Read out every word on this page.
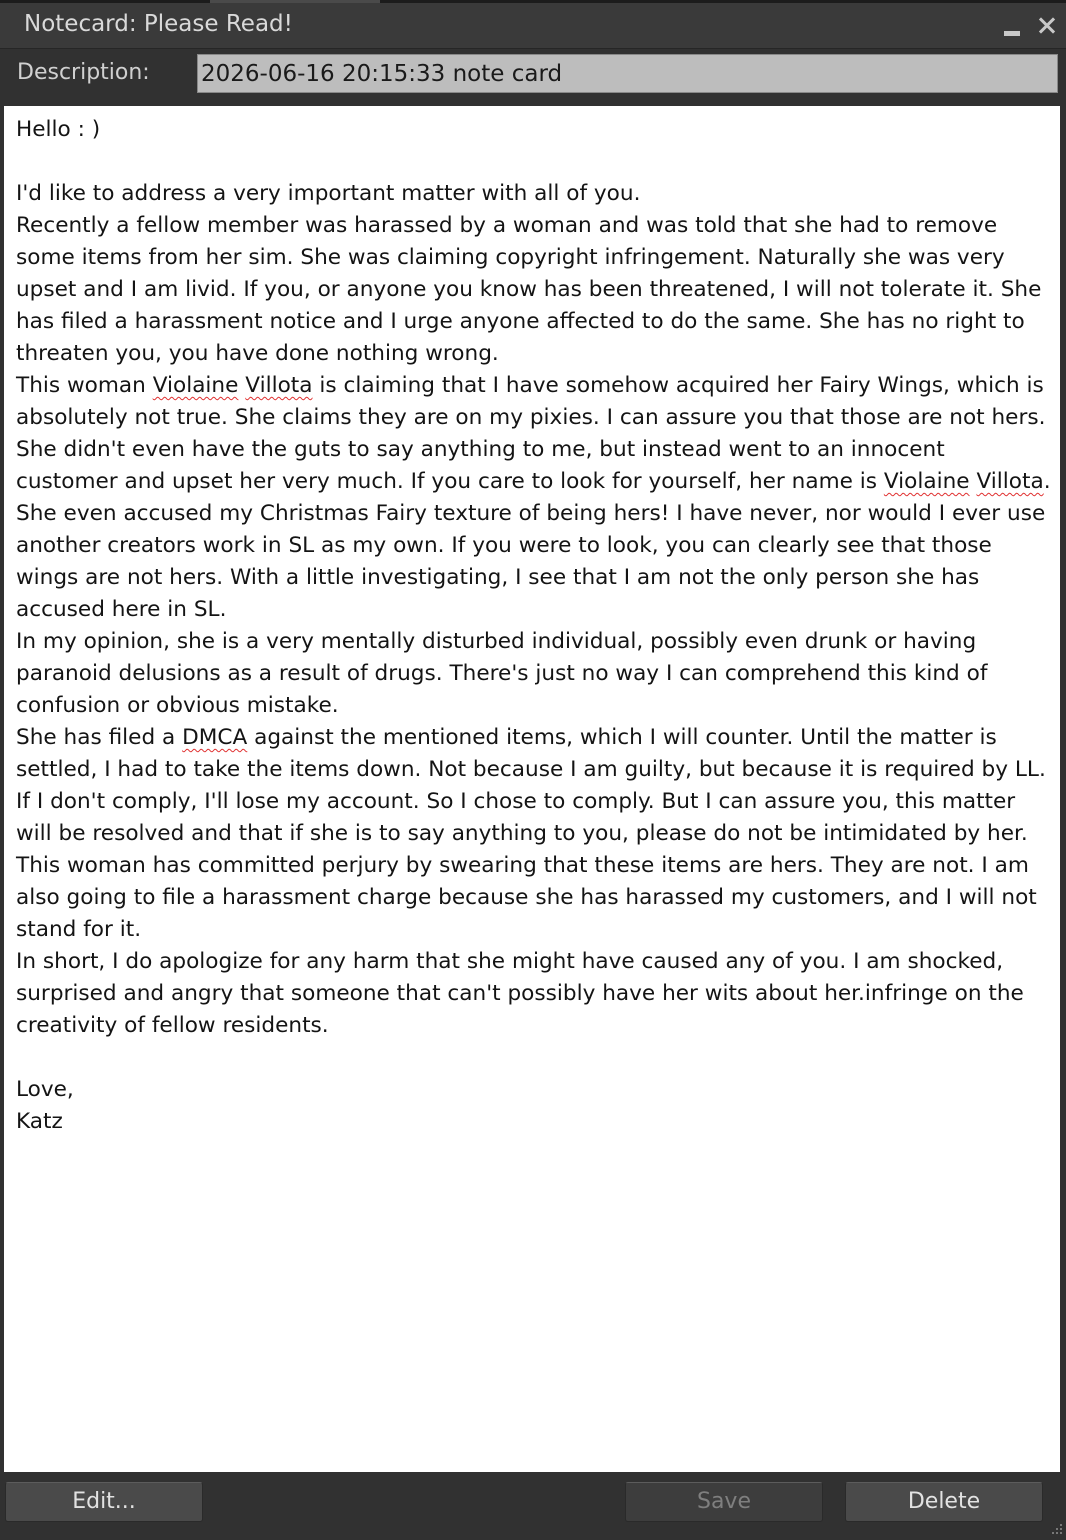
Notecard: Please Read!
Description: 2026-06-16 20:15:33 note card

Hello : )

I'd like to address a very important matter with all of you.

Recently a fellow member was harassed by a woman and was told that she had to remove some items from her sim. She was claiming copyright infringement. Naturally she was very upset and I am livid. If you, or anyone you know has been threatened, I will not tolerate it. She has filed a harassment notice and I urge anyone affected to do the same. She has no right to threaten you, you have done nothing wrong.

This woman Violaine Villota is claiming that I have somehow acquired her Fairy Wings, which is absolutely not true. She claims they are on my pixies. I can assure you that those are not hers. She didn't even have the guts to say anything to me, but instead went to an innocent customer and upset her very much. If you care to look for yourself, her name is Violaine Villota. She even accused my Christmas Fairy texture of being hers! I have never, nor would I ever use another creators work in SL as my own. If you were to look, you can clearly see that those wings are not hers. With a little investigating, I see that I am not the only person she has accused here in SL.

In my opinion, she is a very mentally disturbed individual, possibly even drunk or having paranoid delusions as a result of drugs. There's just no way I can comprehend this kind of confusion or obvious mistake.

She has filed a DMCA against the mentioned items, which I will counter. Until the matter is settled, I had to take the items down. Not because I am guilty, but because it is required by LL. If I don't comply, I'll lose my account. So I chose to comply. But I can assure you, this matter will be resolved and that if she is to say anything to you, please do not be intimidated by her. This woman has committed perjury by swearing that these items are hers. They are not. I am also going to file a harassment charge because she has harassed my customers, and I will not stand for it.

In short, I do apologize for any harm that she might have caused any of you. I am shocked, surprised and angry that someone that can't possibly have her wits about her.infringe on the creativity of fellow residents.

Love,

Katz

Edit...	Save	Delete
